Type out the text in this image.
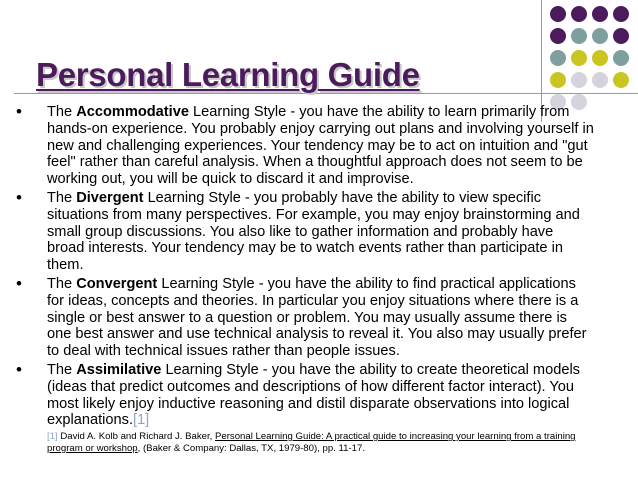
Personal Learning Guide
• The Accommodative Learning Style - you have the ability to learn primarily from hands-on experience. You probably enjoy carrying out plans and involving yourself in new and challenging experiences. Your tendency may be to act on intuition and "gut feel" rather than careful analysis. When a thoughtful approach does not seem to be working out, you will be quick to discard it and improvise.
• The Divergent Learning Style - you probably have the ability to view specific situations from many perspectives. For example, you may enjoy brainstorming and small group discussions. You also like to gather information and probably have broad interests. Your tendency may be to watch events rather than participate in them.
• The Convergent Learning Style - you have the ability to find practical applications for ideas, concepts and theories. In particular you enjoy situations where there is a single or best answer to a question or problem. You may usually assume there is one best answer and use technical analysis to reveal it. You also may usually prefer to deal with technical issues rather than people issues.
• The Assimilative Learning Style - you have the ability to create theoretical models (ideas that predict outcomes and descriptions of how different factor interact). You most likely enjoy inductive reasoning and distil disparate observations into logical explanations.[1]
[1] David A. Kolb and Richard J. Baker, Personal Learning Guide: A practical guide to increasing your learning from a training program or workshop, (Baker & Company: Dallas, TX, 1979-80), pp. 11-17.
